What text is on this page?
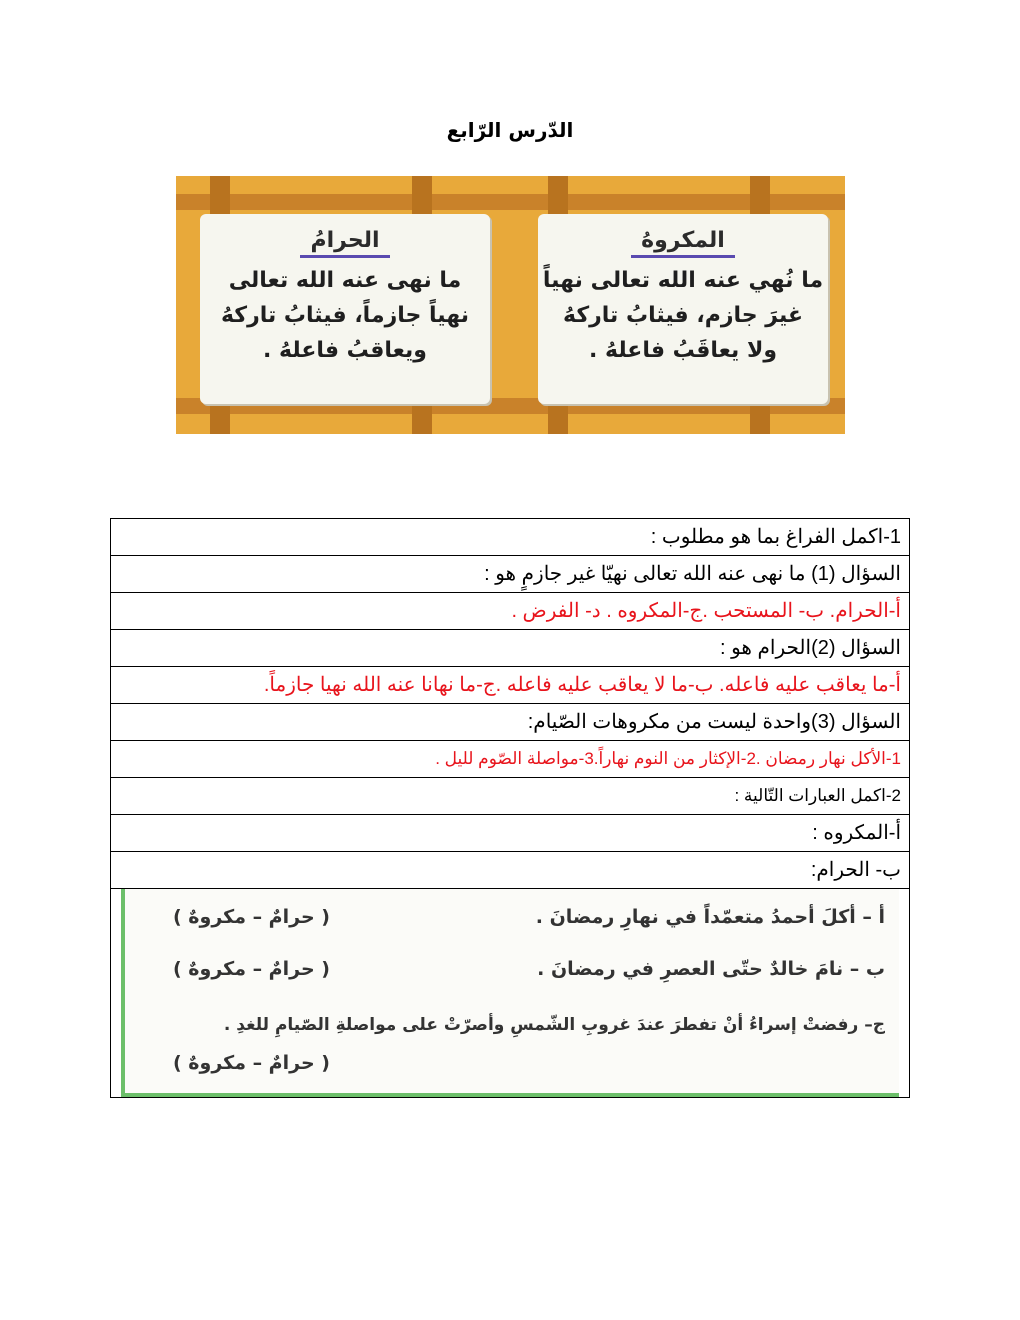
الدّرس الرّابع
الحرامُ
ما نهى عنه الله تعالى
نهياً جازماً، فيثابُ تاركهُ
ويعاقبُ فاعلهُ .
المكروهُ
ما نُهي عنه الله تعالى نهياً
غيرَ جازم، فيثابُ تاركهُ
ولا يعاقَبُ فاعلهُ .
1-اكمل الفراغ بما هو مطلوب :
السؤال (1) ما نهى عنه الله تعالى نهيّا غير جازمٍ هو :
أ-الحرام. ب- المستحب .ج-المكروه . د- الفرض .
السؤال (2)الحرام هو :
أ-ما يعاقب عليه فاعله. ب-ما لا يعاقب عليه فاعله .ج-ما نهانا عنه الله نهيا جازماً.
السؤال (3)واحدة ليست من مكروهات الصّيام:
1-الأكل نهار رمضان .2-الإكثار من النوم نهاراً.3-مواصلة الصّوم لليل .
2-اكمل العبارات التّالية :
أ-المكروه :
ب- الحرام:

أ – أكلَ أحمدُ متعمّداً في نهارِ رمضانَ .
( حرامٌ – مكروهٌ )
ب – نامَ خالدٌ حتّى العصرِ في رمضانَ .
( حرامٌ – مكروهٌ )
ج– رفضتْ إسراءُ أنْ تفطرَ عندَ غروبِ الشّمسِ وأصرّتْ على مواصلةِ الصّيامِ للغدِ .
( حرامٌ – مكروهٌ )
